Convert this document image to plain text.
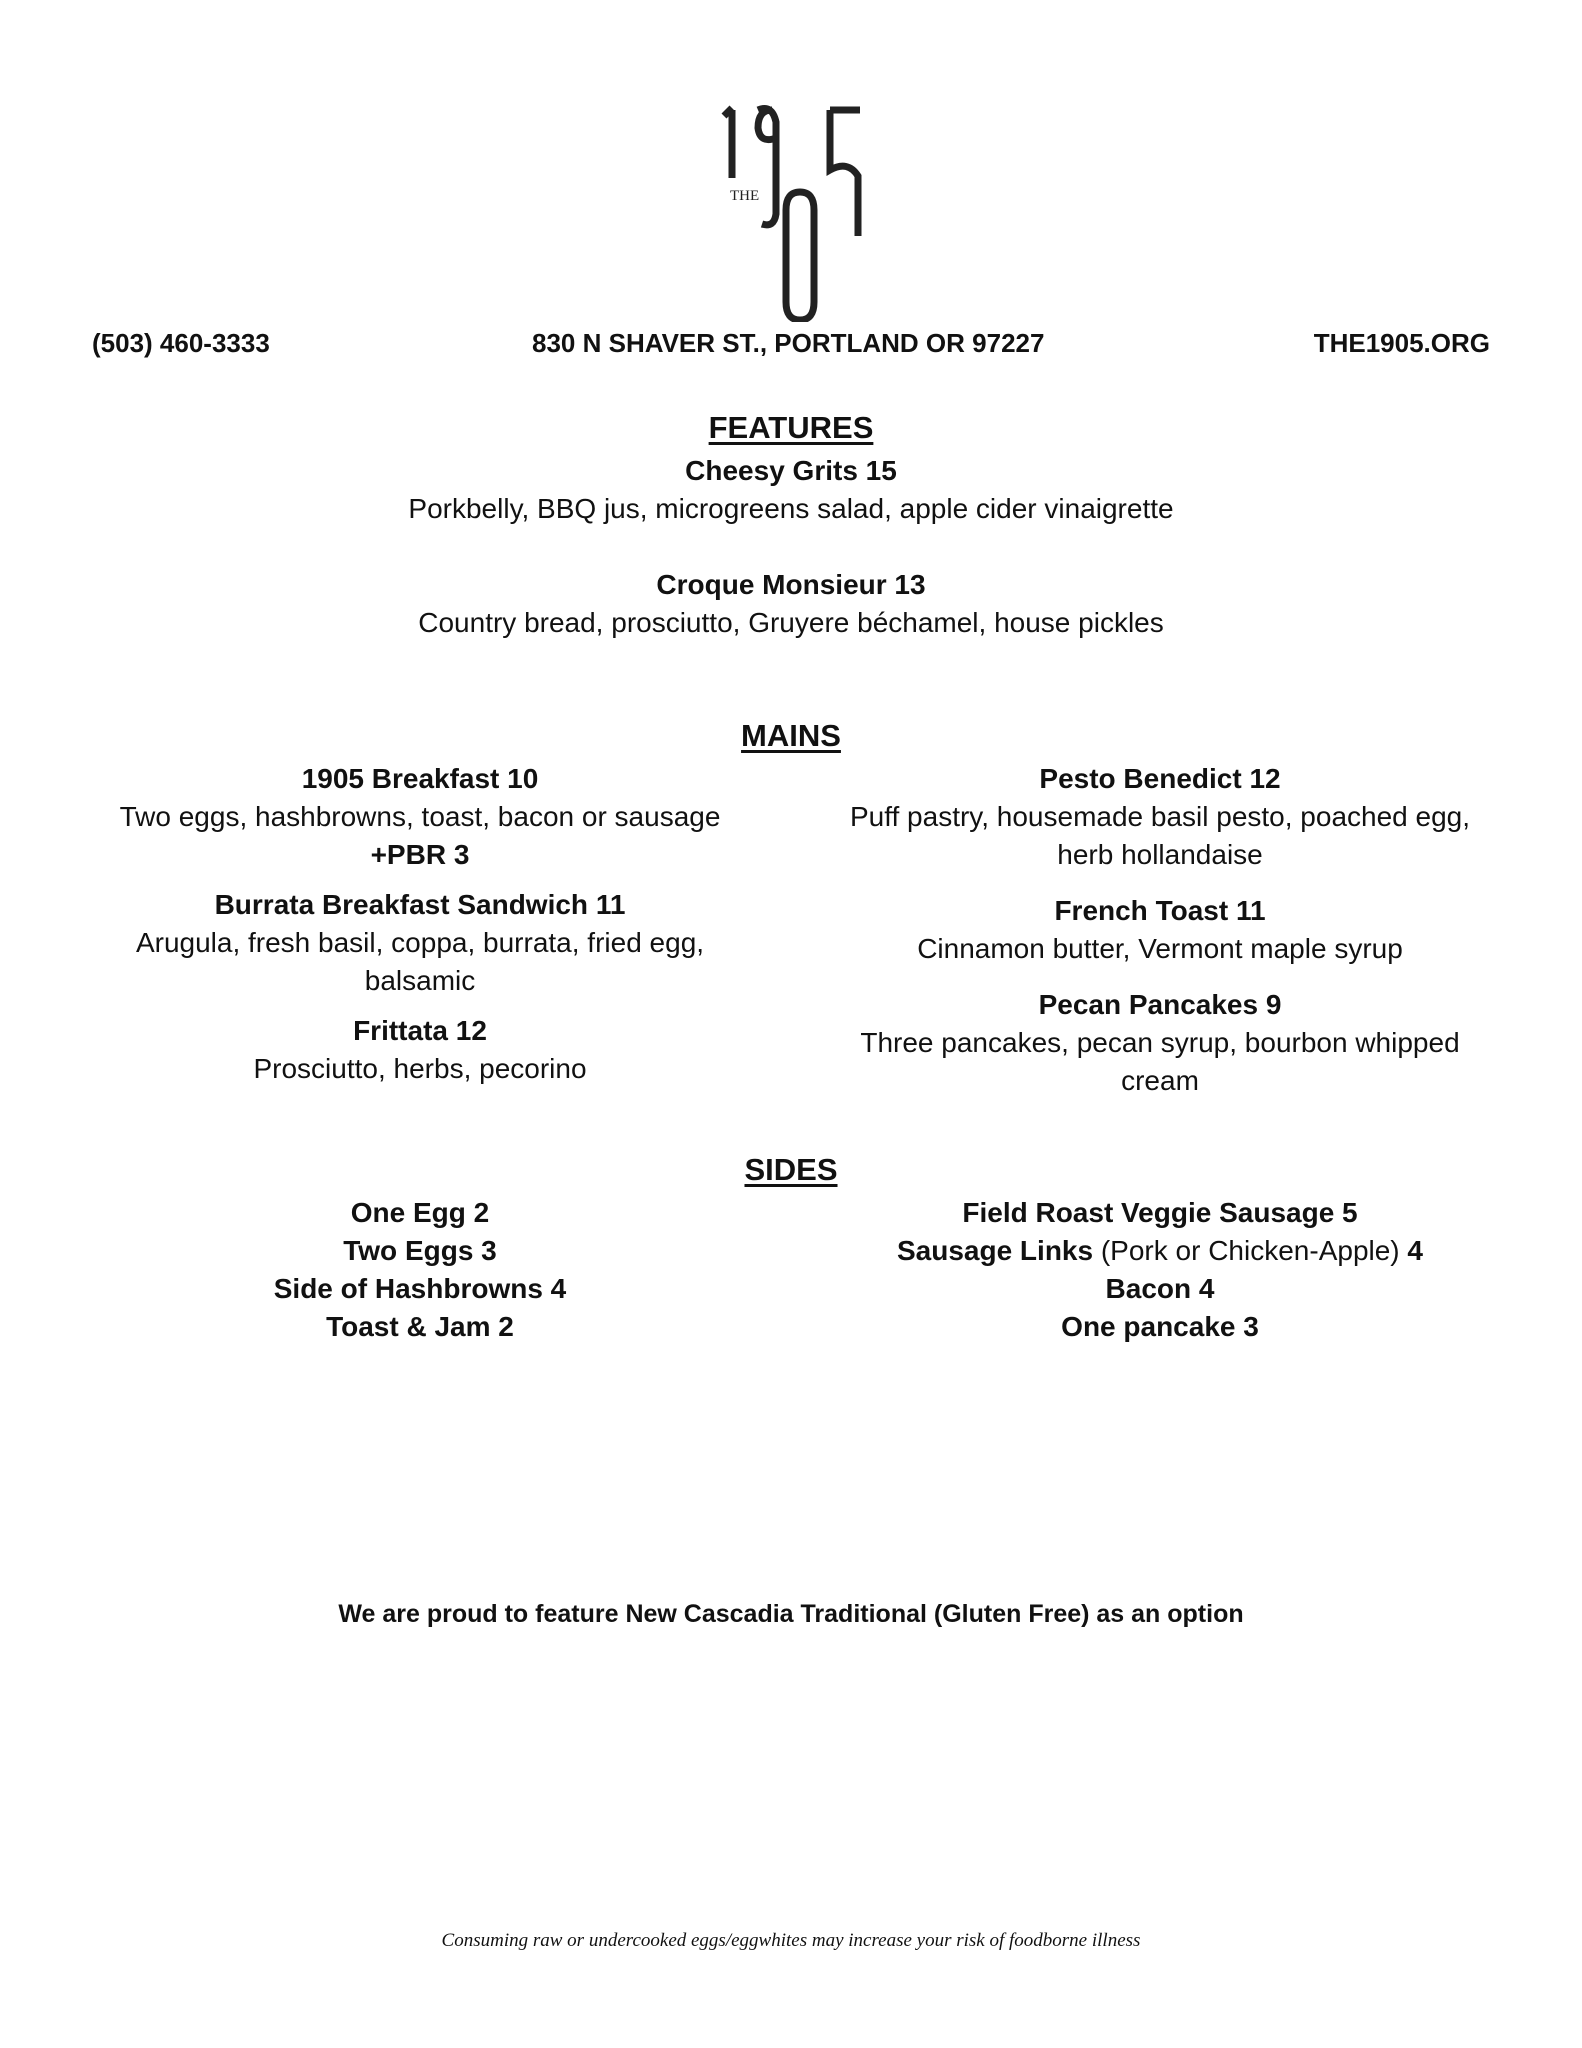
THE
(503) 460-3333	830 N SHAVER ST., PORTLAND OR 97227	THE1905.ORG
FEATURES
Cheesy Grits 15
Porkbelly, BBQ jus, microgreens salad, apple cider vinaigrette
Croque Monsieur 13
Country bread, prosciutto, Gruyere béchamel, house pickles
MAINS
1905 Breakfast 10
Two eggs, hashbrowns, toast, bacon or sausage
+PBR 3
Burrata Breakfast Sandwich 11
Arugula, fresh basil, coppa, burrata, fried egg, balsamic
Frittata 12
Prosciutto, herbs, pecorino
Pesto Benedict 12
Puff pastry, housemade basil pesto, poached egg, herb hollandaise
French Toast 11
Cinnamon butter, Vermont maple syrup
Pecan Pancakes 9
Three pancakes, pecan syrup, bourbon whipped cream
SIDES
One Egg 2
Two Eggs 3
Side of Hashbrowns 4
Toast & Jam 2
Field Roast Veggie Sausage 5
Sausage Links (Pork or Chicken-Apple) 4
Bacon 4
One pancake 3
We are proud to feature New Cascadia Traditional (Gluten Free) as an option
Consuming raw or undercooked eggs/eggwhites may increase your risk of foodborne illness
